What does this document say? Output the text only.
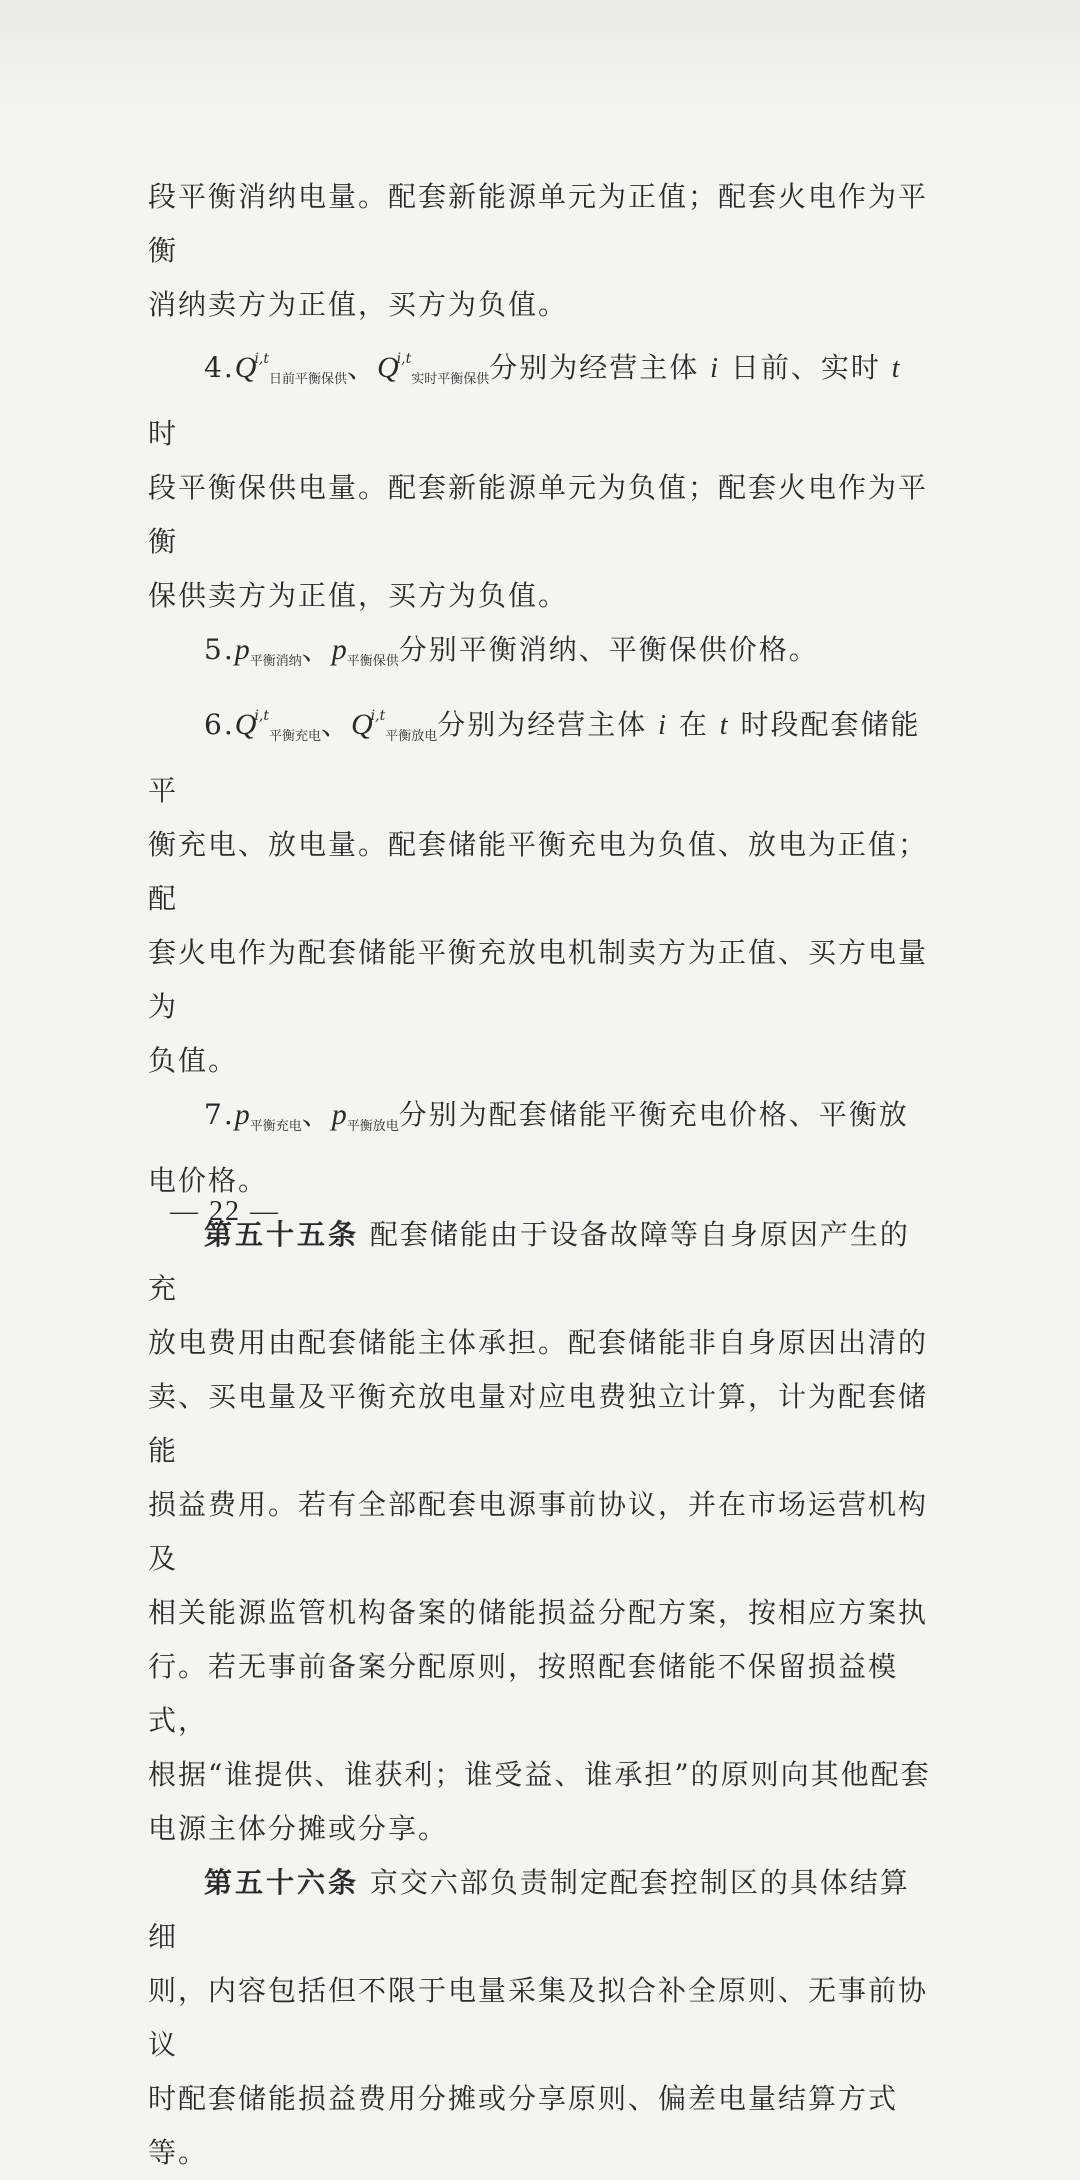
段平衡消纳电量。配套新能源单元为正值；配套火电作为平衡

消纳卖方为正值，买方为负值。

$4.Q^{i,t}_{日前平衡保供}$、Q$^{i,t}_{实时平衡保供}$分别为经营主体 i 日前、实时 t 时

段平衡保供电量。配套新能源单元为负值；配套火电作为平衡

保供卖方为正值，买方为负值。

$5.p_{平衡消纳}$、$p_{平衡保供}$分别平衡消纳、平衡保供价格。

$6.Q^{i,t}_{平衡充电}$、Q$^{i,t}_{平衡放电}$分别为经营主体 i 在 t 时段配套储能平

衡充电、放电量。配套储能平衡充电为负值、放电为正值；配

套火电作为配套储能平衡充放电机制卖方为正值、买方电量为

负值。

$7.p_{平衡充电}$、$p_{平衡放电}$分别为配套储能平衡充电价格、平衡放

电价格。

第五十五条 配套储能由于设备故障等自身原因产生的充

放电费用由配套储能主体承担。配套储能非自身原因出清的

卖、买电量及平衡充放电量对应电费独立计算，计为配套储能

损益费用。若有全部配套电源事前协议，并在市场运营机构及

相关能源监管机构备案的储能损益分配方案，按相应方案执

行。若无事前备案分配原则，按照配套储能不保留损益模式，

根据“谁提供、谁获利；谁受益、谁承担”的原则向其他配套

电源主体分摊或分享。

第五十六条 京交六部负责制定配套控制区的具体结算细

则，内容包括但不限于电量采集及拟合补全原则、无事前协议

时配套储能损益费用分摊或分享原则、偏差电量结算方式等。

— 22 —
